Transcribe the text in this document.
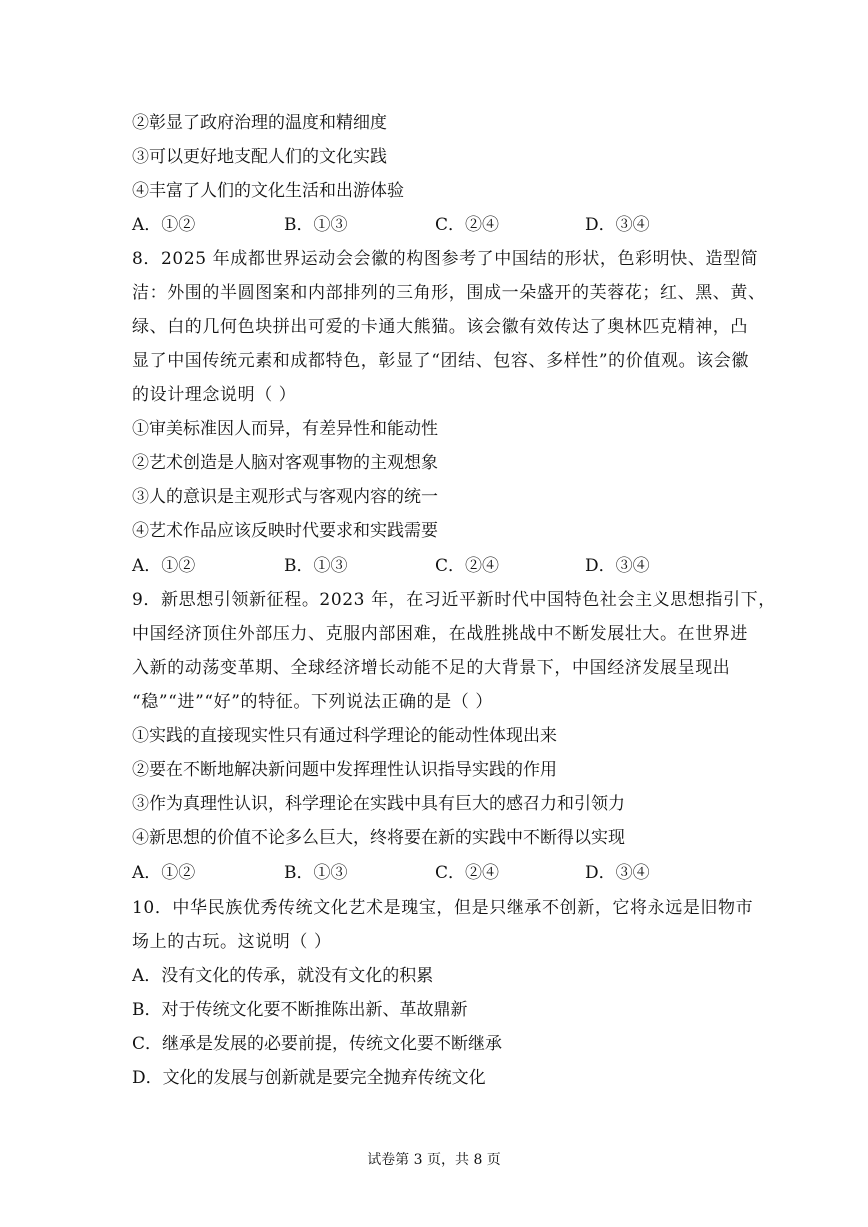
②彰显了政府治理的温度和精细度
③可以更好地支配人们的文化实践
④丰富了人们的文化生活和出游体验
A．①②	B．①③	C．②④	D．③④
8．2025 年成都世界运动会会徽的构图参考了中国结的形状，色彩明快、造型简
洁：外围的半圆图案和内部排列的三角形，围成一朵盛开的芙蓉花；红、黑、黄、
绿、白的几何色块拼出可爱的卡通大熊猫。该会徽有效传达了奥林匹克精神，凸
显了中国传统元素和成都特色，彰显了“团结、包容、多样性”的价值观。该会徽
的设计理念说明（ ）
①审美标准因人而异，有差异性和能动性
②艺术创造是人脑对客观事物的主观想象
③人的意识是主观形式与客观内容的统一
④艺术作品应该反映时代要求和实践需要
A．①②	B．①③	C．②④	D．③④
9．新思想引领新征程。2023 年，在习近平新时代中国特色社会主义思想指引下，
中国经济顶住外部压力、克服内部困难，在战胜挑战中不断发展壮大。在世界进
入新的动荡变革期、全球经济增长动能不足的大背景下，中国经济发展呈现出
“稳”“进”“好”的特征。下列说法正确的是（ ）
①实践的直接现实性只有通过科学理论的能动性体现出来
②要在不断地解决新问题中发挥理性认识指导实践的作用
③作为真理性认识，科学理论在实践中具有巨大的感召力和引领力
④新思想的价值不论多么巨大，终将要在新的实践中不断得以实现
A．①②	B．①③	C．②④	D．③④
10．中华民族优秀传统文化艺术是瑰宝，但是只继承不创新，它将永远是旧物市
场上的古玩。这说明（ ）
A．没有文化的传承，就没有文化的积累
B．对于传统文化要不断推陈出新、革故鼎新
C．继承是发展的必要前提，传统文化要不断继承
D．文化的发展与创新就是要完全抛弃传统文化
试卷第 3 页，共 8 页
